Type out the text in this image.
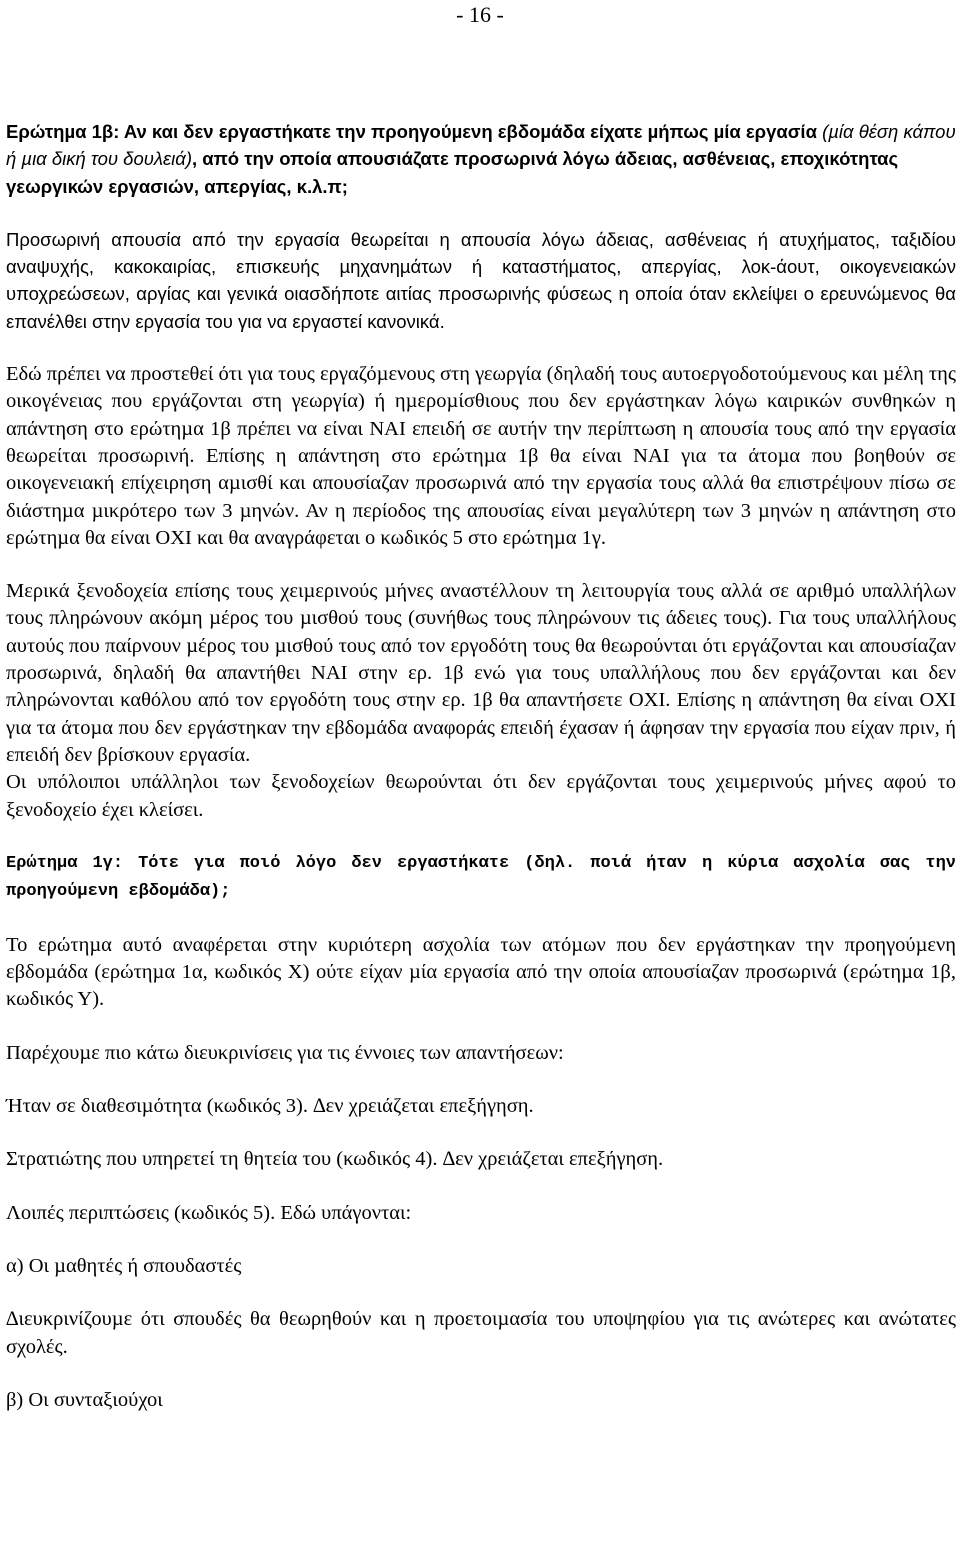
- 16 -

Ερώτηµα 1β: Αν και δεν εργαστήκατε την προηγούµενη εβδοµάδα είχατε µήπως µία εργασία (µία θέση κάπου ή µια δική του δουλειά), από την οποία απουσιάζατε προσωρινά λόγω άδειας, ασθένειας, εποχικότητας γεωργικών εργασιών, απεργίας, κ.λ.π;

Προσωρινή απουσία από την εργασία θεωρείται η απουσία λόγω άδειας, ασθένειας ή ατυχήµατος, ταξιδίου αναψυχής, κακοκαιρίας, επισκευής µηχανηµάτων ή καταστήµατος, απεργίας, λοκ-άουτ, οικογενειακών υποχρεώσεων, αργίας και γενικά οιασδήποτε αιτίας προσωρινής φύσεως η οποία όταν εκλείψει ο ερευνώµενος θα επανέλθει στην εργασία του για να εργαστεί κανονικά.

Εδώ πρέπει να προστεθεί ότι για τους εργαζόµενους στη γεωργία (δηλαδή τους αυτοεργοδοτούµενους και µέλη της οικογένειας που εργάζονται στη γεωργία) ή ηµεροµίσθιους που δεν εργάστηκαν λόγω καιρικών συνθηκών η απάντηση στο ερώτηµα 1β πρέπει να είναι ΝΑΙ επειδή σε αυτήν την περίπτωση η απουσία τους από την εργασία θεωρείται προσωρινή. Επίσης η απάντηση στο ερώτηµα 1β θα είναι ΝΑΙ για τα άτοµα που βοηθούν σε οικογενειακή επίχειρηση αµισθί και απουσίαζαν προσωρινά από την εργασία τους αλλά θα επιστρέψουν πίσω σε διάστηµα µικρότερο των 3 µηνών. Αν η περίοδος της απουσίας είναι µεγαλύτερη των 3 µηνών η απάντηση στο ερώτηµα θα είναι ΟΧΙ και θα αναγράφεται ο κωδικός 5 στο ερώτηµα 1γ.

Μερικά ξενοδοχεία επίσης τους χειµερινούς µήνες αναστέλλουν τη λειτουργία τους αλλά σε αριθµό υπαλλήλων τους πληρώνουν ακόµη µέρος του µισθού τους (συνήθως τους πληρώνουν τις άδειες τους). Για τους υπαλλήλους αυτούς που παίρνουν µέρος του µισθού τους από τον εργοδότη τους θα θεωρούνται ότι εργάζονται και απουσίαζαν προσωρινά, δηλαδή θα απαντήθει ΝΑΙ στην ερ. 1β ενώ για τους υπαλλήλους που δεν εργάζονται και δεν πληρώνονται καθόλου από τον εργοδότη τους στην ερ. 1β θα απαντήσετε ΟΧΙ. Επίσης η απάντηση θα είναι ΟΧΙ για τα άτοµα που δεν εργάστηκαν την εβδοµάδα αναφοράς επειδή έχασαν ή άφησαν την εργασία που είχαν πριν, ή επειδή δεν βρίσκουν εργασία.

Οι υπόλοιποι υπάλληλοι των ξενοδοχείων θεωρούνται ότι δεν εργάζονται τους χειµερινούς µήνες αφού το ξενοδοχείο έχει κλείσει.

Ερώτηµα 1γ: Τότε για ποιό λόγο δεν εργαστήκατε (δηλ. ποιά ήταν η κύρια ασχολία σας την προηγούµενη εβδοµάδα);

Το ερώτηµα αυτό αναφέρεται στην κυριότερη ασχολία των ατόµων που δεν εργάστηκαν την προηγούµενη εβδοµάδα (ερώτηµα 1α, κωδικός Χ) ούτε είχαν µία εργασία από την οποία απουσίαζαν προσωρινά (ερώτηµα 1β, κωδικός Υ).

Παρέχουµε πιο κάτω διευκρινίσεις για τις έννοιες των απαντήσεων:

Ήταν σε διαθεσιµότητα (κωδικός 3). ∆εν χρειάζεται επεξήγηση.

Στρατιώτης που υπηρετεί τη θητεία του (κωδικός 4). ∆εν χρειάζεται επεξήγηση.

Λοιπές περιπτώσεις (κωδικός 5). Εδώ υπάγονται:

α) Οι µαθητές ή σπουδαστές

∆ιευκρινίζουµε ότι σπουδές θα θεωρηθούν και η προετοιµασία του υποψηφίου για τις ανώτερες και ανώτατες σχολές.

β) Οι συνταξιούχοι
